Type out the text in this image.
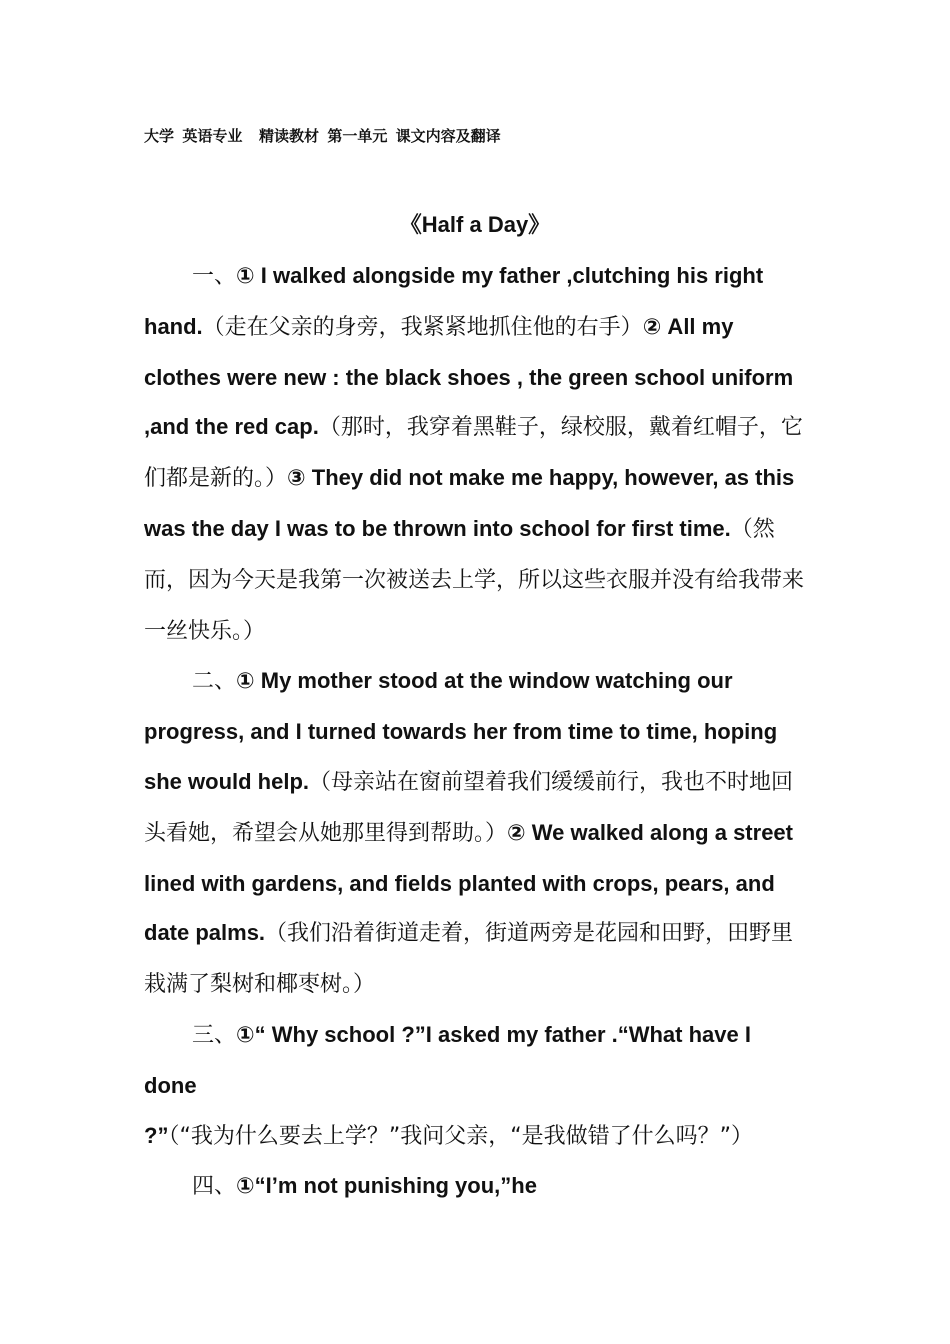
大学  英语专业    精读教材  第一单元  课文内容及翻译
《Half a Day》

一、① I walked alongside my father ,clutching his right hand.（走在父亲的身旁，我紧紧地抓住他的右手）② All my clothes were new : the black shoes , the green school uniform ,and the red cap.（那时，我穿着黑鞋子，绿校服，戴着红帽子，它们都是新的。）③ They did not make me happy, however, as this was the day I was to be thrown into school for first time.（然而，因为今天是我第一次被送去上学，所以这些衣服并没有给我带来一丝快乐。）

二、① My mother stood at the window watching our progress, and I turned towards her from time to time, hoping she would help.（母亲站在窗前望着我们缓缓前行，我也不时地回头看她，希望会从她那里得到帮助。）② We walked along a street lined with gardens, and fields planted with crops, pears, and date palms.（我们沿着街道走着，街道两旁是花园和田野，田野里栽满了梨树和椰枣树。）

三、①“ Why school ?”I asked my father .“What have I done ?”（“我为什么要去上学？”我问父亲，“是我做错了什么吗？”）

四、①“I’m not punishing you,”he
